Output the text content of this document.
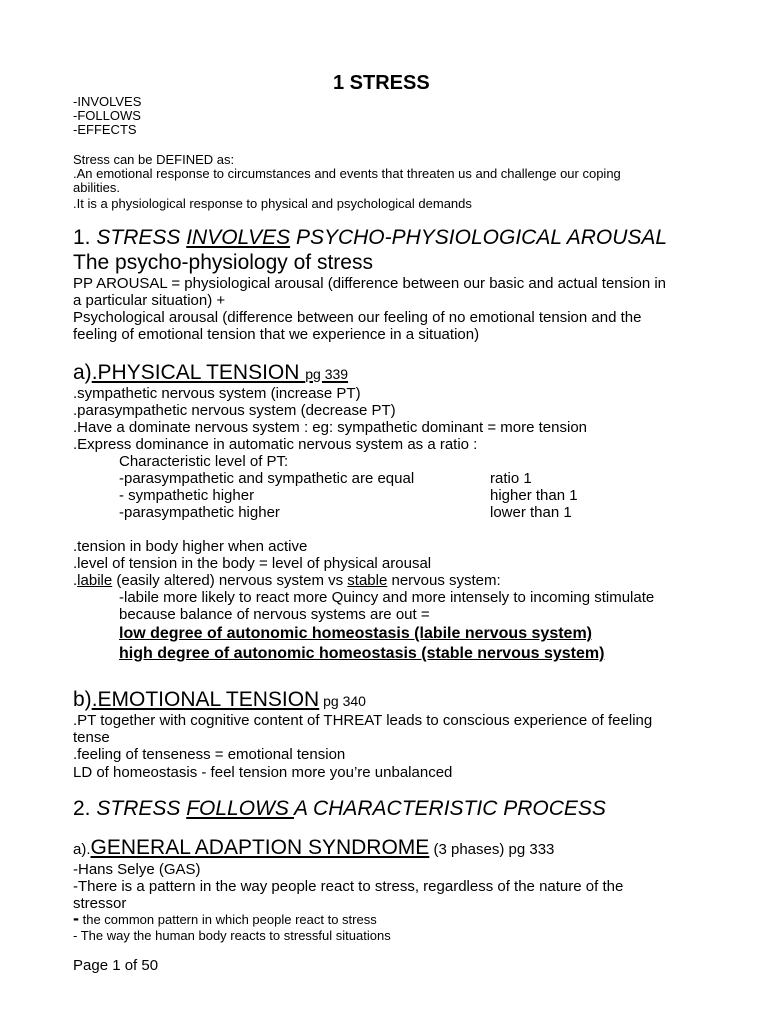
1 STRESS
-INVOLVES
-FOLLOWS
-EFFECTS
Stress can be DEFINED as:
.An emotional response to circumstances and events that threaten us and challenge our coping
abilities.
.It is a physiological response to physical and psychological demands
1. STRESS INVOLVES PSYCHO-PHYSIOLOGICAL AROUSAL
The psycho-physiology of stress
PP AROUSAL = physiological arousal (difference between our basic and actual tension in
a particular situation) +
Psychological arousal (difference between our feeling of no emotional tension and the
feeling of emotional tension that we experience in a situation)
a).PHYSICAL TENSION pg 339
.sympathetic nervous system (increase PT)
.parasympathetic nervous system (decrease PT)
.Have a dominate nervous system : eg: sympathetic dominant = more tension
.Express dominance in automatic nervous system as a ratio :
Characteristic level of PT:
-parasympathetic and sympathetic are equal	ratio 1
- sympathetic higher	higher than 1
-parasympathetic higher	lower than 1
.tension in body higher when active
.level of tension in the body = level of physical arousal
.labile (easily altered) nervous system vs stable nervous system:
-labile more likely to react more Quincy and more intensely to incoming stimulate
because balance of nervous systems are out =
low degree of autonomic homeostasis (labile nervous system)
high degree of autonomic homeostasis (stable nervous system)
b).EMOTIONAL TENSION pg 340
.PT together with cognitive content of THREAT leads to conscious experience of feeling
tense
.feeling of tenseness = emotional tension
LD of homeostasis - feel tension more you’re unbalanced
2. STRESS FOLLOWS A CHARACTERISTIC PROCESS
a).GENERAL ADAPTION SYNDROME (3 phases) pg 333
-Hans Selye (GAS)
-There is a pattern in the way people react to stress, regardless of the nature of the
stressor
- the common pattern in which people react to stress
- The way the human body reacts to stressful situations
Page 1 of 50
